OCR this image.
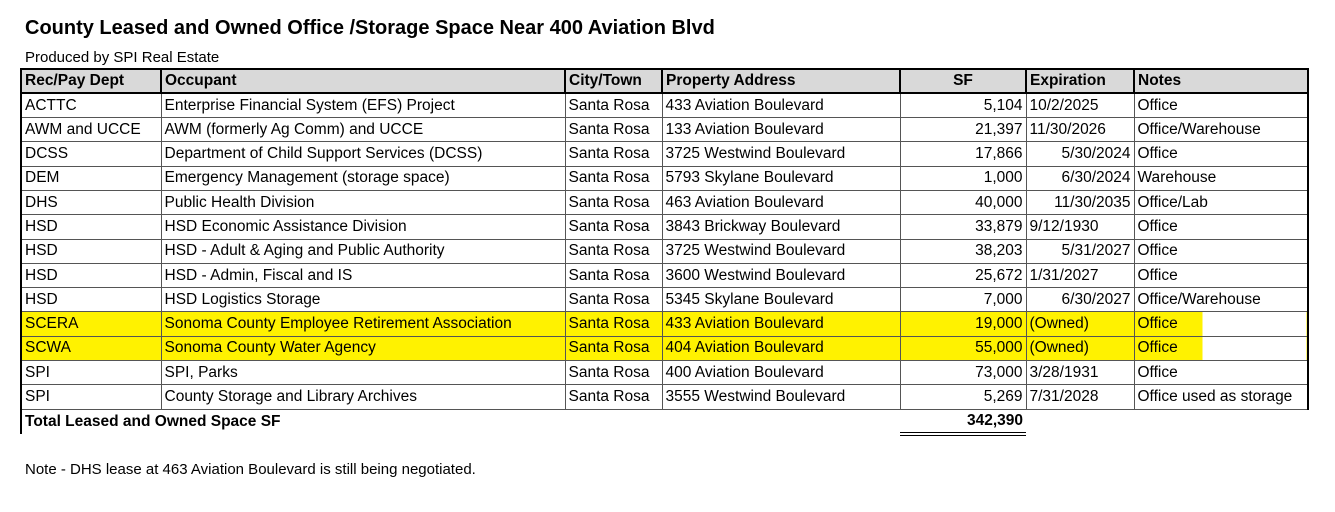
County Leased and Owned Office /Storage Space Near 400 Aviation Blvd
Produced by SPI Real Estate
Rec/Pay Dept	Occupant	City/Town	Property Address	SF	Expiration	Notes
ACTTC	Enterprise Financial System (EFS) Project	Santa Rosa	433 Aviation Boulevard	5,104	10/2/2025	Office
AWM and UCCE	AWM (formerly Ag Comm) and UCCE	Santa Rosa	133 Aviation Boulevard	21,397	11/30/2026	Office/Warehouse
DCSS	Department of Child Support Services (DCSS)	Santa Rosa	3725 Westwind Boulevard	17,866	5/30/2024	Office
DEM	Emergency Management (storage space)	Santa Rosa	5793 Skylane Boulevard	1,000	6/30/2024	Warehouse
DHS	Public Health Division	Santa Rosa	463 Aviation Boulevard	40,000	11/30/2035	Office/Lab
HSD	HSD Economic Assistance Division	Santa Rosa	3843 Brickway Boulevard	33,879	9/12/1930	Office
HSD	HSD - Adult & Aging and Public Authority	Santa Rosa	3725 Westwind Boulevard	38,203	5/31/2027	Office
HSD	HSD - Admin, Fiscal and IS	Santa Rosa	3600 Westwind Boulevard	25,672	1/31/2027	Office
HSD	HSD Logistics Storage	Santa Rosa	5345 Skylane Boulevard	7,000	6/30/2027	Office/Warehouse
SCERA	Sonoma County Employee Retirement Association	Santa Rosa	433 Aviation Boulevard	19,000	(Owned)	Office
SCWA	Sonoma County Water Agency	Santa Rosa	404 Aviation Boulevard	55,000	(Owned)	Office
SPI	SPI, Parks	Santa Rosa	400 Aviation Boulevard	73,000	3/28/1931	Office
SPI	County Storage and Library Archives	Santa Rosa	3555 Westwind Boulevard	5,269	7/31/2028	Office used as storage
Total Leased and Owned Space SF				342,390		
Note - DHS lease at 463 Aviation Boulevard is still being negotiated.
